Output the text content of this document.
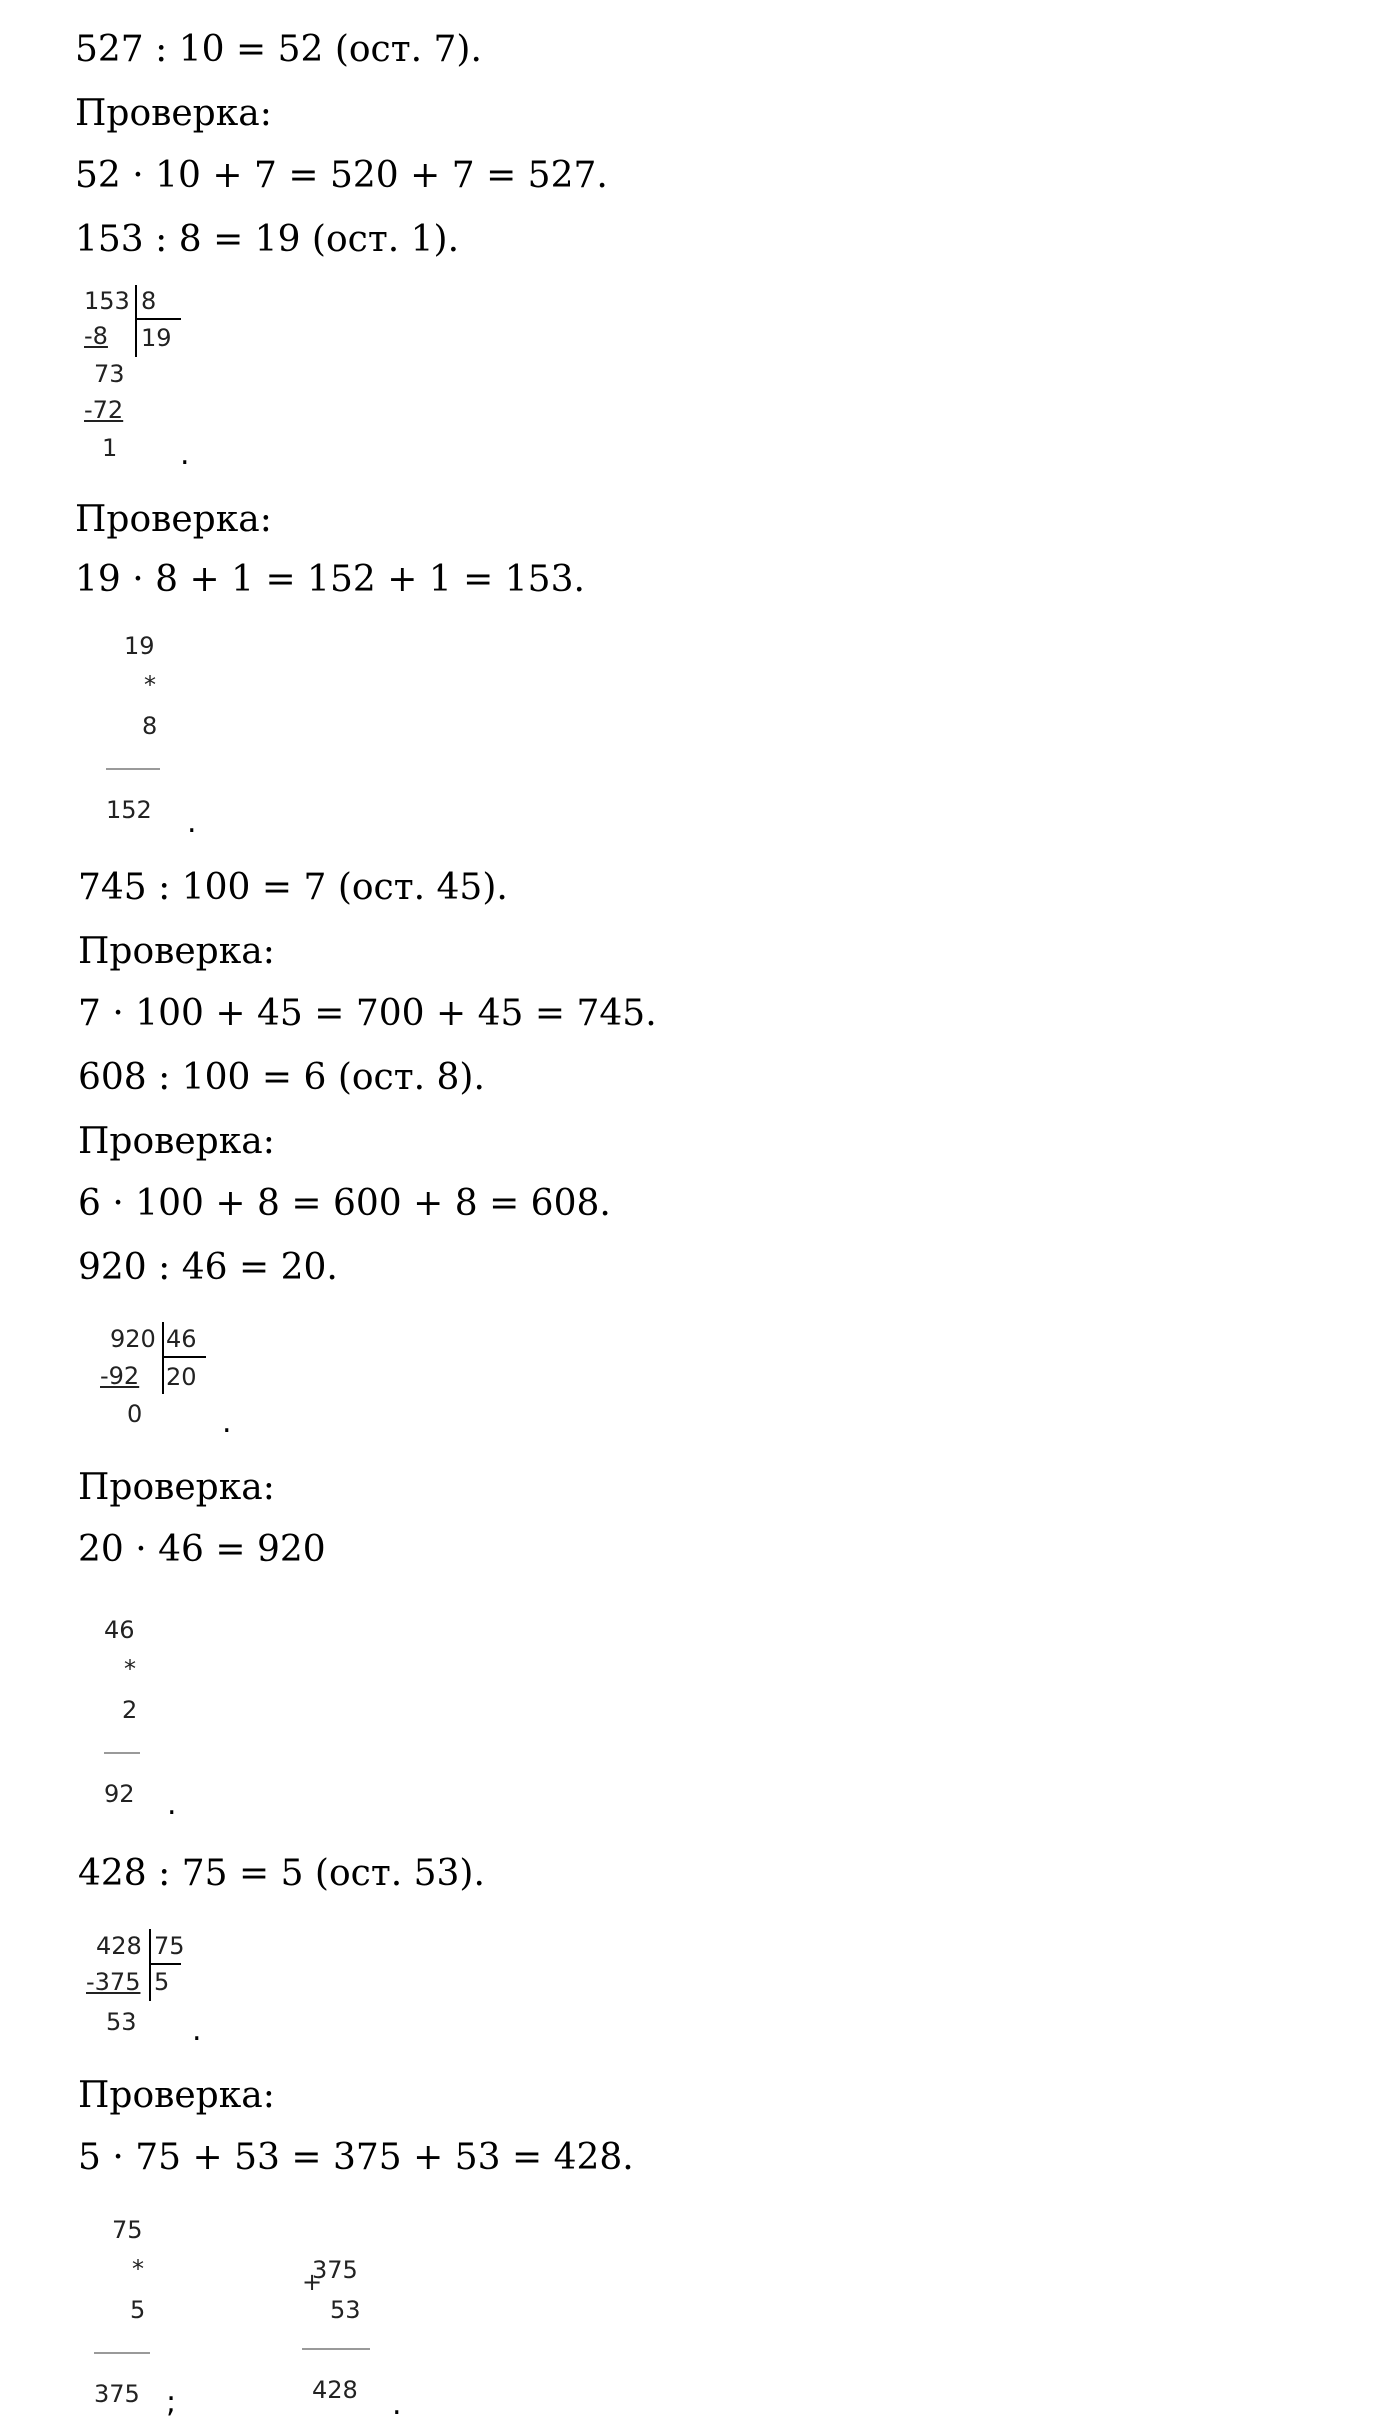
527 : 10 = 52 (ост. 7).
Проверка:
52 · 10 + 7 = 520 + 7 = 527.
153 : 8 = 19 (ост. 1).
153 8
-8 19
73
-72
1 .
Проверка:
19 · 8 + 1 = 152 + 1 = 153.
19
*
8
152 .
745 : 100 = 7 (ост. 45).
Проверка:
7 · 100 + 45 = 700 + 45 = 745.
608 : 100 = 6 (ост. 8).
Проверка:
6 · 100 + 8 = 600 + 8 = 608.
920 : 46 = 20.
920 46
-92 20
0	.
Проверка:
20 · 46 = 920
46
*
2
92 .
428 : 75 = 5 (ост. 53).
428 75
-375 5
53 .
Проверка:
5 · 75 + 53 = 375 + 53 = 428.
75
*
5
375 ;
+
375
53
428 .
